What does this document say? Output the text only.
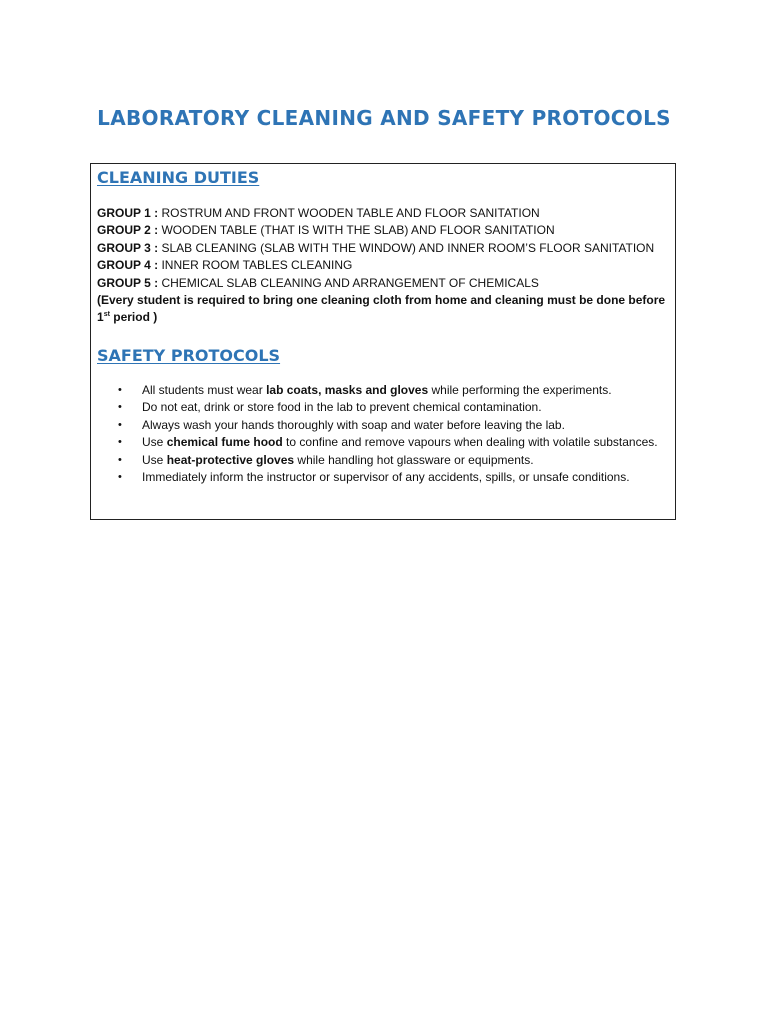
LABORATORY CLEANING AND SAFETY PROTOCOLS
CLEANING DUTIES
GROUP 1 : ROSTRUM AND FRONT WOODEN TABLE AND FLOOR SANITATION
GROUP 2 : WOODEN TABLE (THAT IS WITH THE SLAB) AND FLOOR SANITATION
GROUP 3 : SLAB CLEANING (SLAB WITH THE WINDOW) AND INNER ROOM’S FLOOR SANITATION
GROUP 4 : INNER ROOM TABLES CLEANING
GROUP 5 : CHEMICAL SLAB CLEANING AND ARRANGEMENT OF CHEMICALS
(Every student is required to bring one cleaning cloth from home and cleaning must be done before 1st period )
SAFETY PROTOCOLS
• All students must wear lab coats, masks and gloves while performing the experiments.
• Do not eat, drink or store food in the lab to prevent chemical contamination.
• Always wash your hands thoroughly with soap and water before leaving the lab.
• Use chemical fume hood to confine and remove vapours when dealing with volatile substances.
• Use heat-protective gloves while handling hot glassware or equipments.
• Immediately inform the instructor or supervisor of any accidents, spills, or unsafe conditions.
